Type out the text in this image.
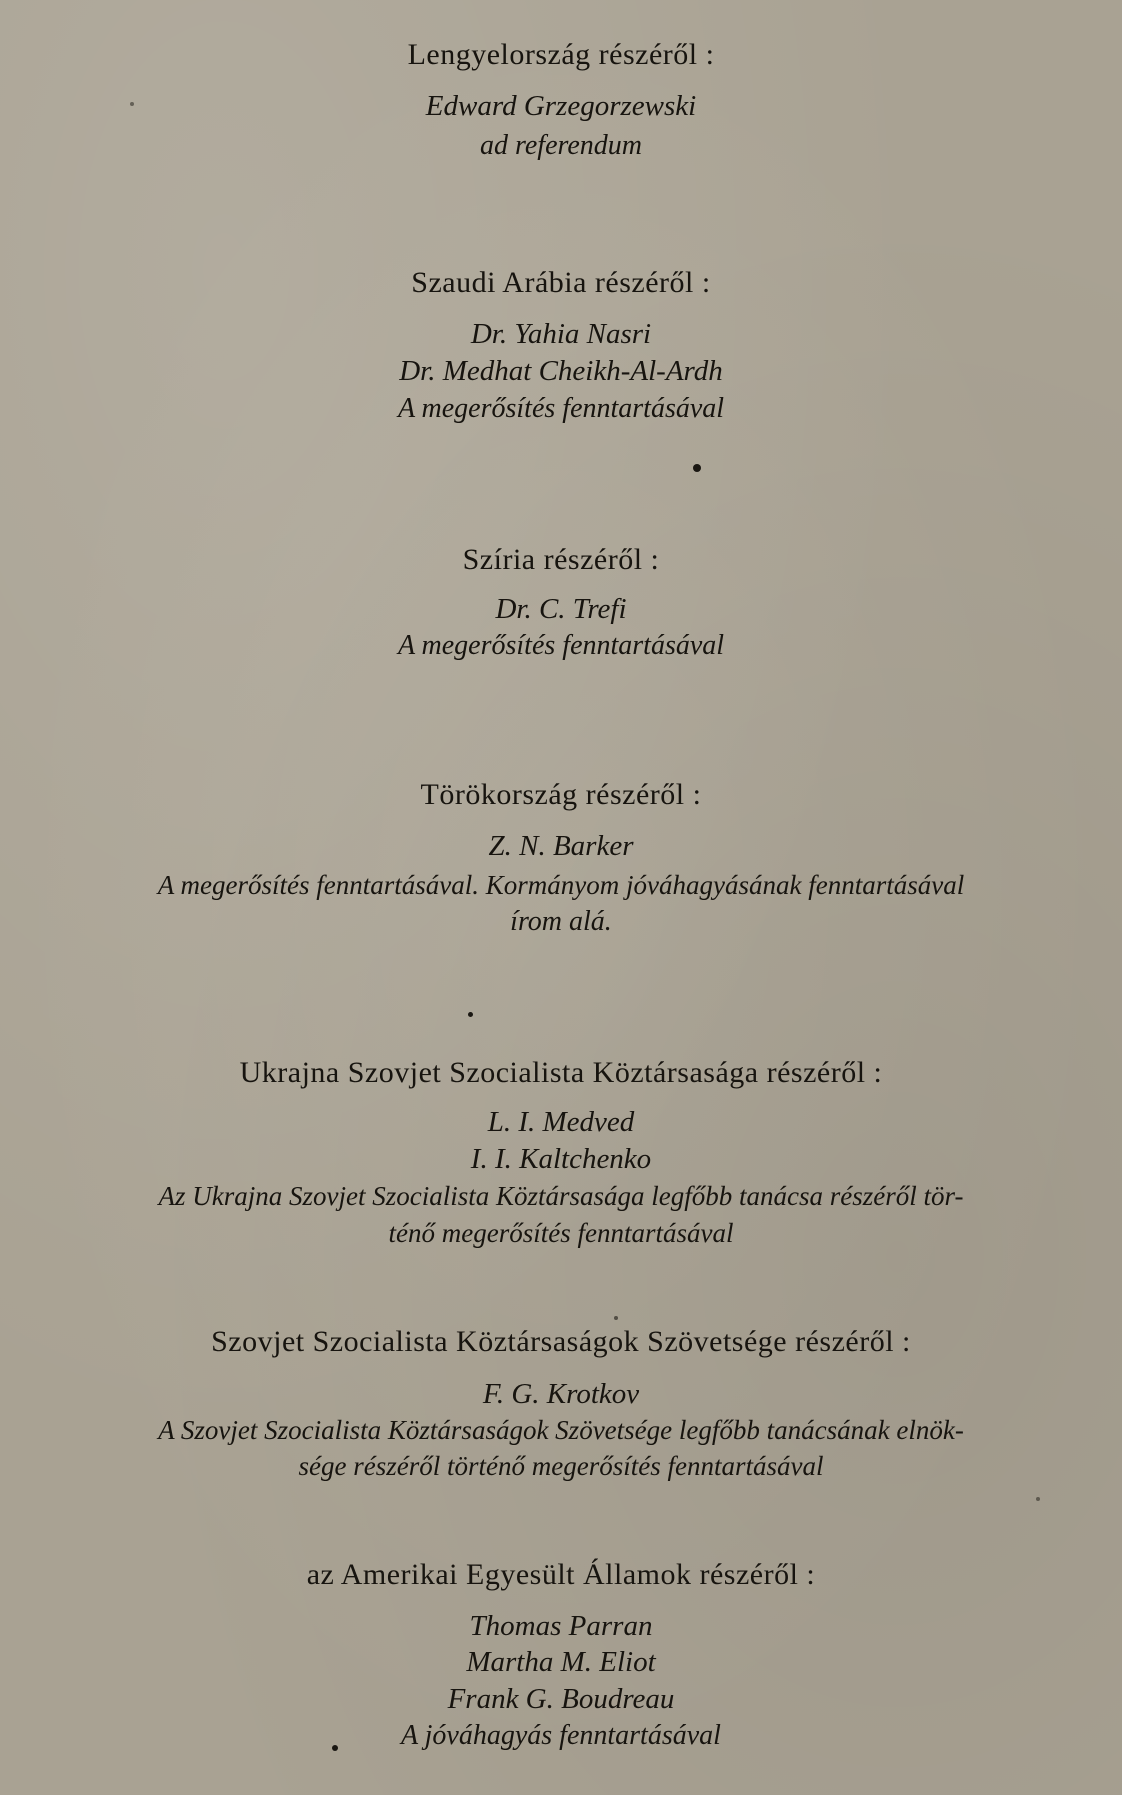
Lengyelország részéről :
Edward Grzegorzewski
ad referendum
Szaudi Arábia részéről :
Dr. Yahia Nasri
Dr. Medhat Cheikh-Al-Ardh
A megerősítés fenntartásával
Szíria részéről :
Dr. C. Trefi
A megerősítés fenntartásával
Törökország részéről :
Z. N. Barker
A megerősítés fenntartásával. Kormányom jóváhagyásának fenntartásával
írom alá.
Ukrajna Szovjet Szocialista Köztársasága részéről :
L. I. Medved
I. I. Kaltchenko
Az Ukrajna Szovjet Szocialista Köztársasága legfőbb tanácsa részéről tör-
ténő megerősítés fenntartásával
Szovjet Szocialista Köztársaságok Szövetsége részéről :
F. G. Krotkov
A Szovjet Szocialista Köztársaságok Szövetsége legfőbb tanácsának elnök-
sége részéről történő megerősítés fenntartásával
az Amerikai Egyesült Államok részéről :
Thomas Parran
Martha M. Eliot
Frank G. Boudreau
A jóváhagyás fenntartásával
